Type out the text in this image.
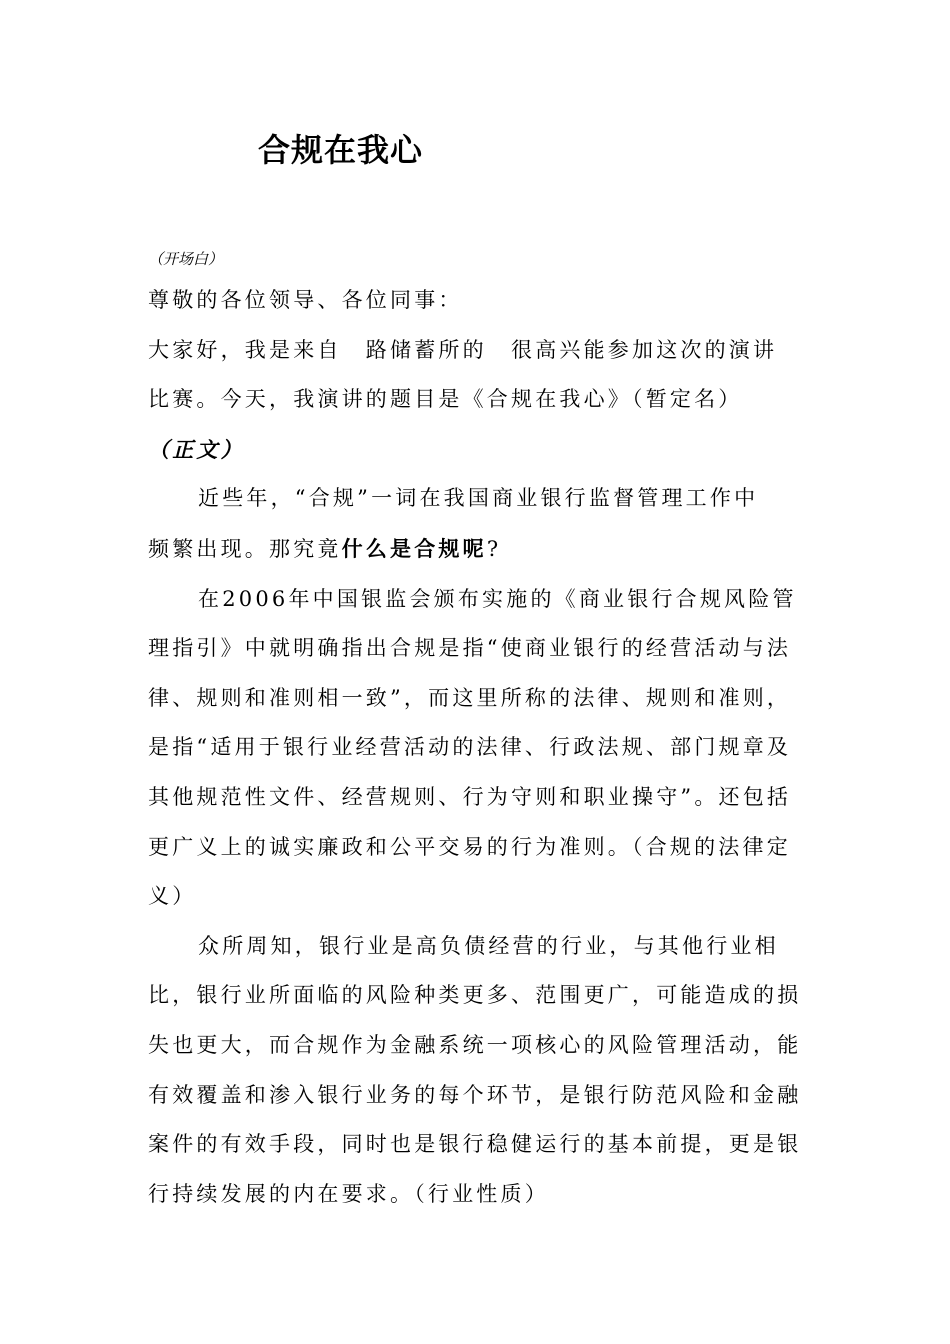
合规在我心

（开场白）

尊敬的各位领导、各位同事：

大家好，我是来自　路储蓄所的　很高兴能参加这次的演讲

比赛。今天，我演讲的题目是《合规在我心》（暂定名）

（正文）

近些年，“合规”一词在我国商业银行监督管理工作中

频繁出现。那究竟什么是合规呢?

在2006年中国银监会颁布实施的《商业银行合规风险管理指引》中就明确指出合规是指“使商业银行的经营活动与法律、规则和准则相一致”，而这里所称的法律、规则和准则，是指“适用于银行业经营活动的法律、行政法规、部门规章及其他规范性文件、经营规则、行为守则和职业操守”。还包括更广义上的诚实廉政和公平交易的行为准则。（合规的法律定义）

众所周知，银行业是高负债经营的行业，与其他行业相比，银行业所面临的风险种类更多、范围更广，可能造成的损失也更大，而合规作为金融系统一项核心的风险管理活动，能有效覆盖和渗入银行业务的每个环节，是银行防范风险和金融案件的有效手段，同时也是银行稳健运行的基本前提，更是银行持续发展的内在要求。（行业性质）
